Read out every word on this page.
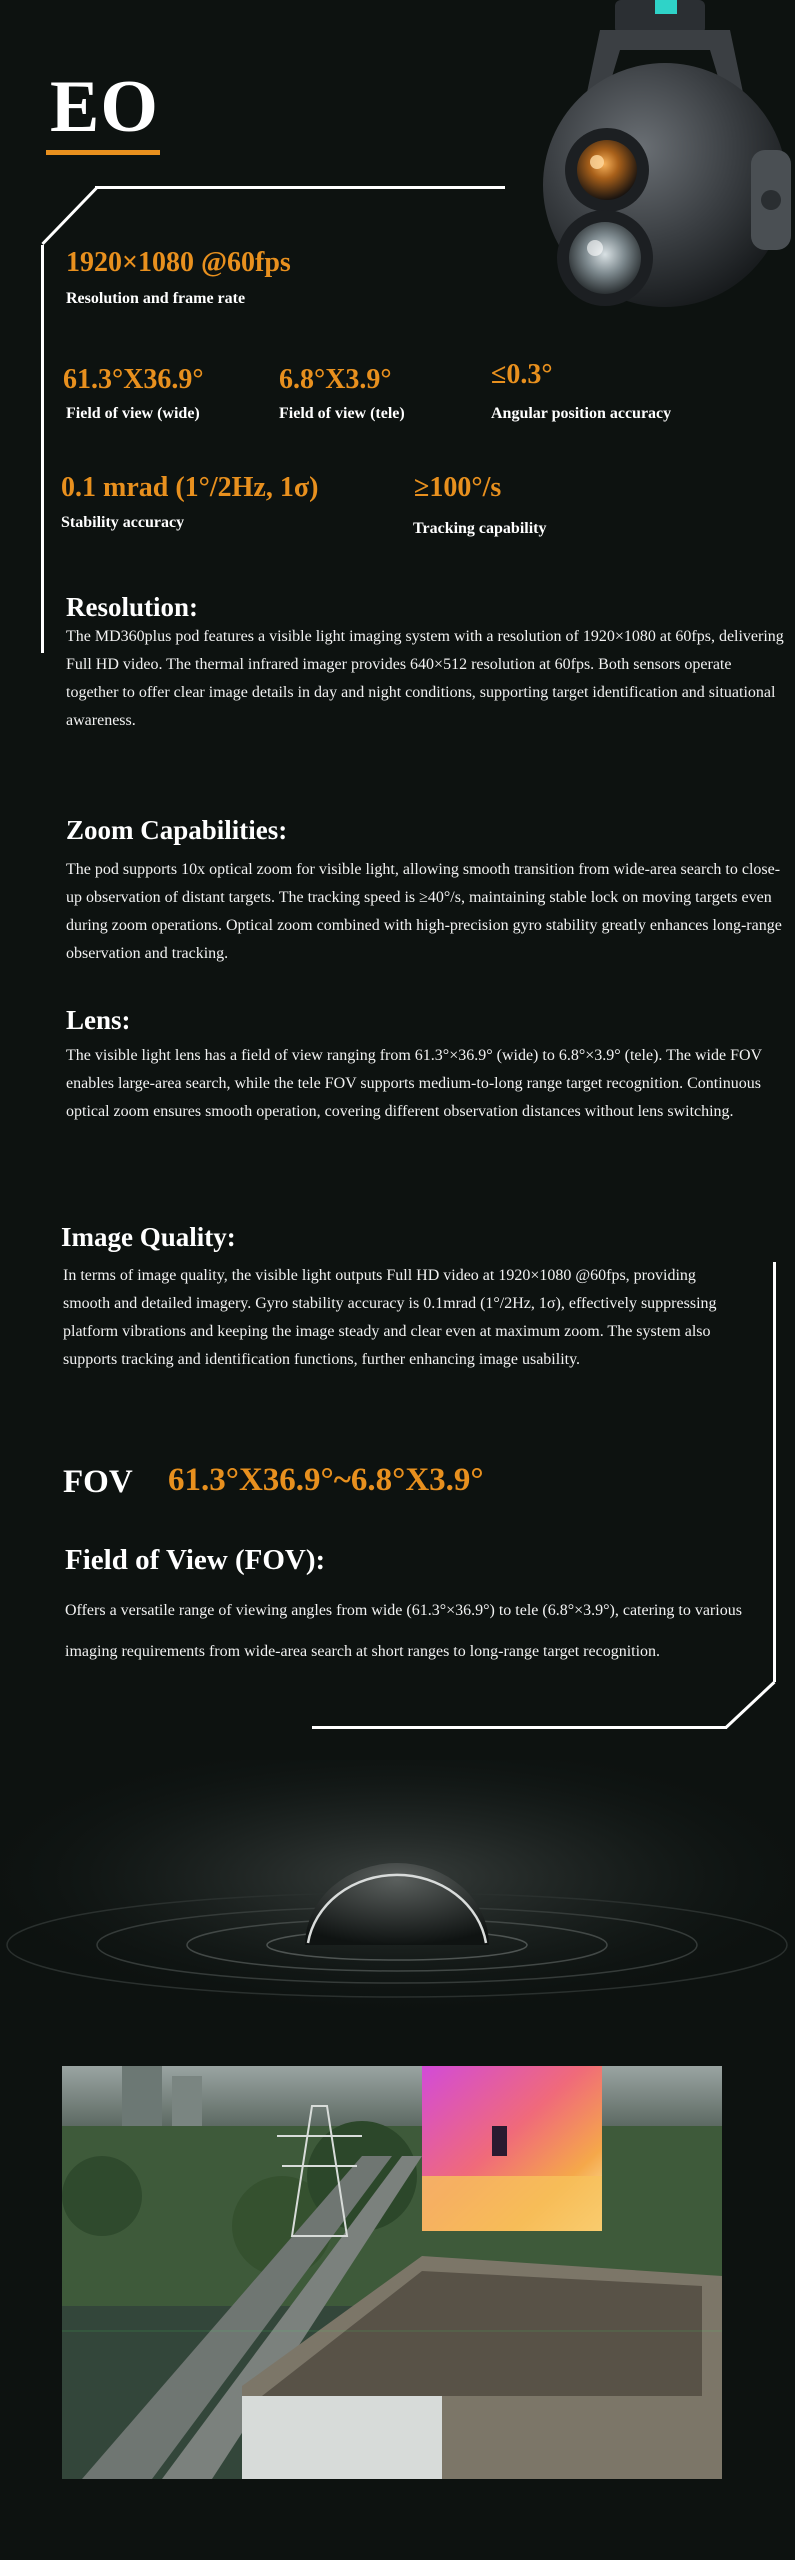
EO
1920×1080 @60fps
Resolution and frame rate
61.3°X36.9°
Field of view (wide)
6.8°X3.9°
Field of view (tele)
≤0.3°
Angular position accuracy
0.1 mrad (1°/2Hz, 1σ)
Stability accuracy
≥100°/s
Tracking capability
Resolution:
The MD360plus pod features a visible light imaging system with a resolution of 1920×1080 at 60fps, delivering Full HD video. The thermal infrared imager provides 640×512 resolution at 60fps. Both sensors operate together to offer clear image details in day and night conditions, supporting target identification and situational awareness.
Zoom Capabilities:
The pod supports 10x optical zoom for visible light, allowing smooth transition from wide-area search to close-up observation of distant targets. The tracking speed is ≥40°/s, maintaining stable lock on moving targets even during zoom operations. Optical zoom combined with high-precision gyro stability greatly enhances long-range observation and tracking.
Lens:
The visible light lens has a field of view ranging from 61.3°×36.9° (wide) to 6.8°×3.9° (tele). The wide FOV enables large-area search, while the tele FOV supports medium-to-long range target recognition. Continuous optical zoom ensures smooth operation, covering different observation distances without lens switching.
Image Quality:
In terms of image quality, the visible light outputs Full HD video at 1920×1080 @60fps, providing smooth and detailed imagery. Gyro stability accuracy is 0.1mrad (1°/2Hz, 1σ), effectively suppressing platform vibrations and keeping the image steady and clear even at maximum zoom. The system also supports tracking and identification functions, further enhancing image usability.
FOV 61.3°X36.9°~6.8°X3.9°
Field of View (FOV):
Offers a versatile range of viewing angles from wide (61.3°×36.9°) to tele (6.8°×3.9°), catering to various imaging requirements from wide-area search at short ranges to long-range target recognition.
